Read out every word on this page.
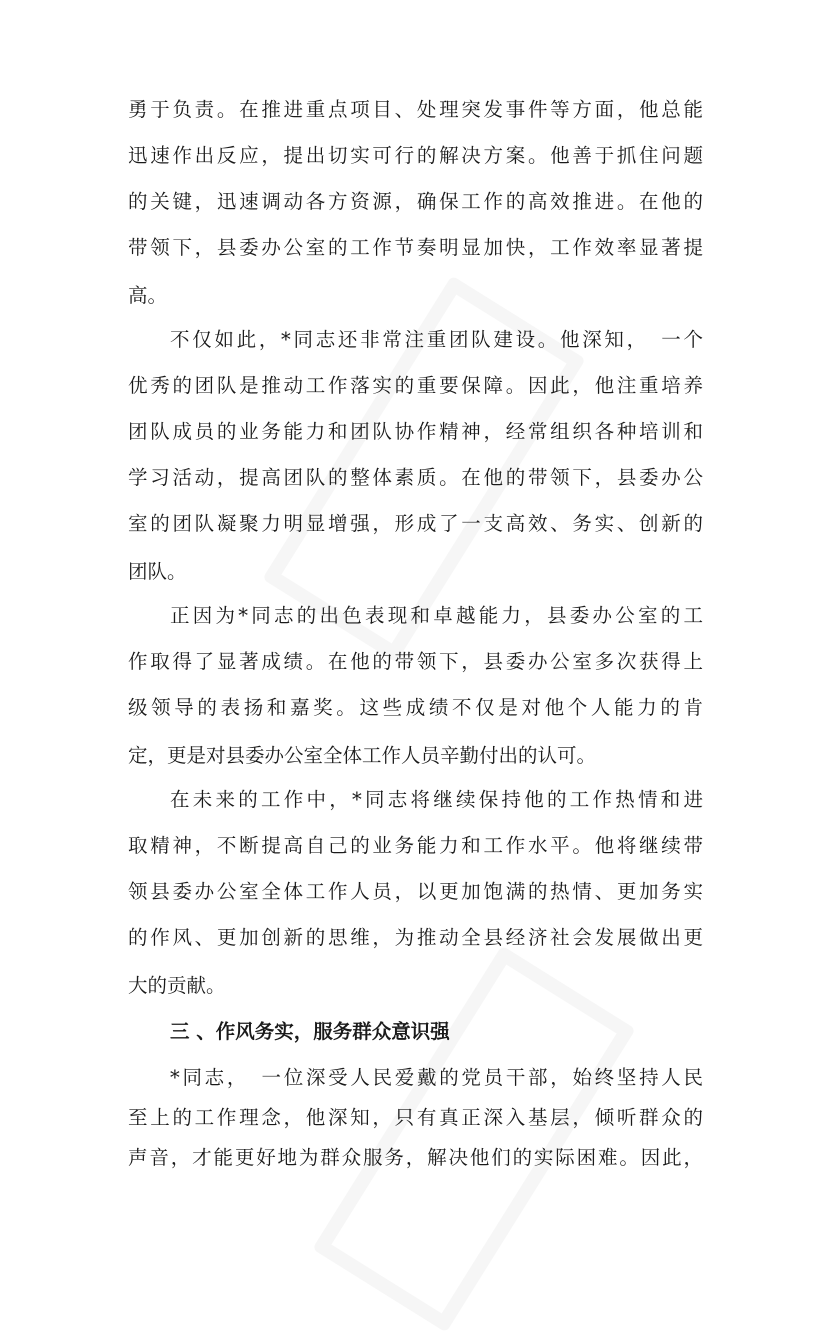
勇于负责。在推进重点项目、处理突发事件等方面，他总能
迅速作出反应，提出切实可行的解决方案。他善于抓住问题
的关键，迅速调动各方资源，确保工作的高效推进。在他的
带领下，县委办公室的工作节奏明显加快，工作效率显著提
高。
不仅如此，*同志还非常注重团队建设。他深知，　一个
优秀的团队是推动工作落实的重要保障。因此，他注重培养
团队成员的业务能力和团队协作精神，经常组织各种培训和
学习活动，提高团队的整体素质。在他的带领下，县委办公
室的团队凝聚力明显增强，形成了一支高效、务实、创新的
团队。
正因为*同志的出色表现和卓越能力，县委办公室的工
作取得了显著成绩。在他的带领下，县委办公室多次获得上
级领导的表扬和嘉奖。这些成绩不仅是对他个人能力的肯
定，更是对县委办公室全体工作人员辛勤付出的认可。
在未来的工作中，*同志将继续保持他的工作热情和进
取精神，不断提高自己的业务能力和工作水平。他将继续带
领县委办公室全体工作人员，以更加饱满的热情、更加务实
的作风、更加创新的思维，为推动全县经济社会发展做出更
大的贡献。
三 、作风务实，服务群众意识强
*同志，　一位深受人民爱戴的党员干部，始终坚持人民
至上的工作理念，他深知，只有真正深入基层，倾听群众的
声音，才能更好地为群众服务，解决他们的实际困难。因此，
